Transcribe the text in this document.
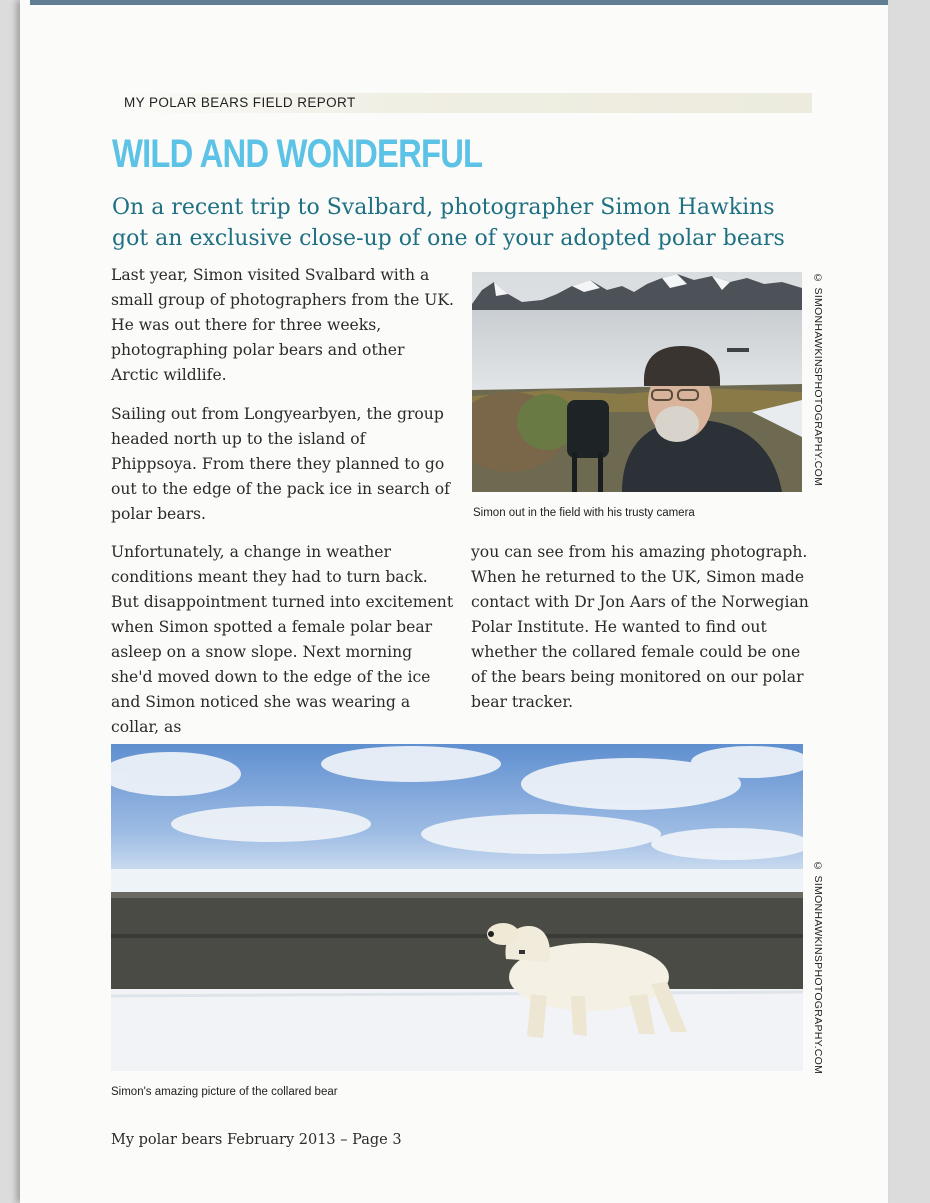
MY POLAR BEARS FIELD REPORT
WILD AND WONDERFUL
On a recent trip to Svalbard, photographer Simon Hawkins got an exclusive close-up of one of your adopted polar bears

Last year, Simon visited Svalbard with a small group of photographers from the UK. He was out there for three weeks, photographing polar bears and other Arctic wildlife.

Sailing out from Longyearbyen, the group headed north up to the island of Phippsoya. From there they planned to go out to the edge of the pack ice in search of polar bears.

Unfortunately, a change in weather conditions meant they had to turn back. But disappointment turned into excitement when Simon spotted a female polar bear asleep on a snow slope. Next morning she'd moved down to the edge of the ice and Simon noticed she was wearing a collar, as

you can see from his amazing photograph. When he returned to the UK, Simon made contact with Dr Jon Aars of the Norwegian Polar Institute. He wanted to find out whether the collared female could be one of the bears being monitored on our polar bear tracker.

Simon out in the field with his trusty camera
© SIMONHAWKINSPHOTOGRAPHY.COM
Simon's amazing picture of the collared bear
© SIMONHAWKINSPHOTOGRAPHY.COM
My polar bears February 2013 – Page 3
